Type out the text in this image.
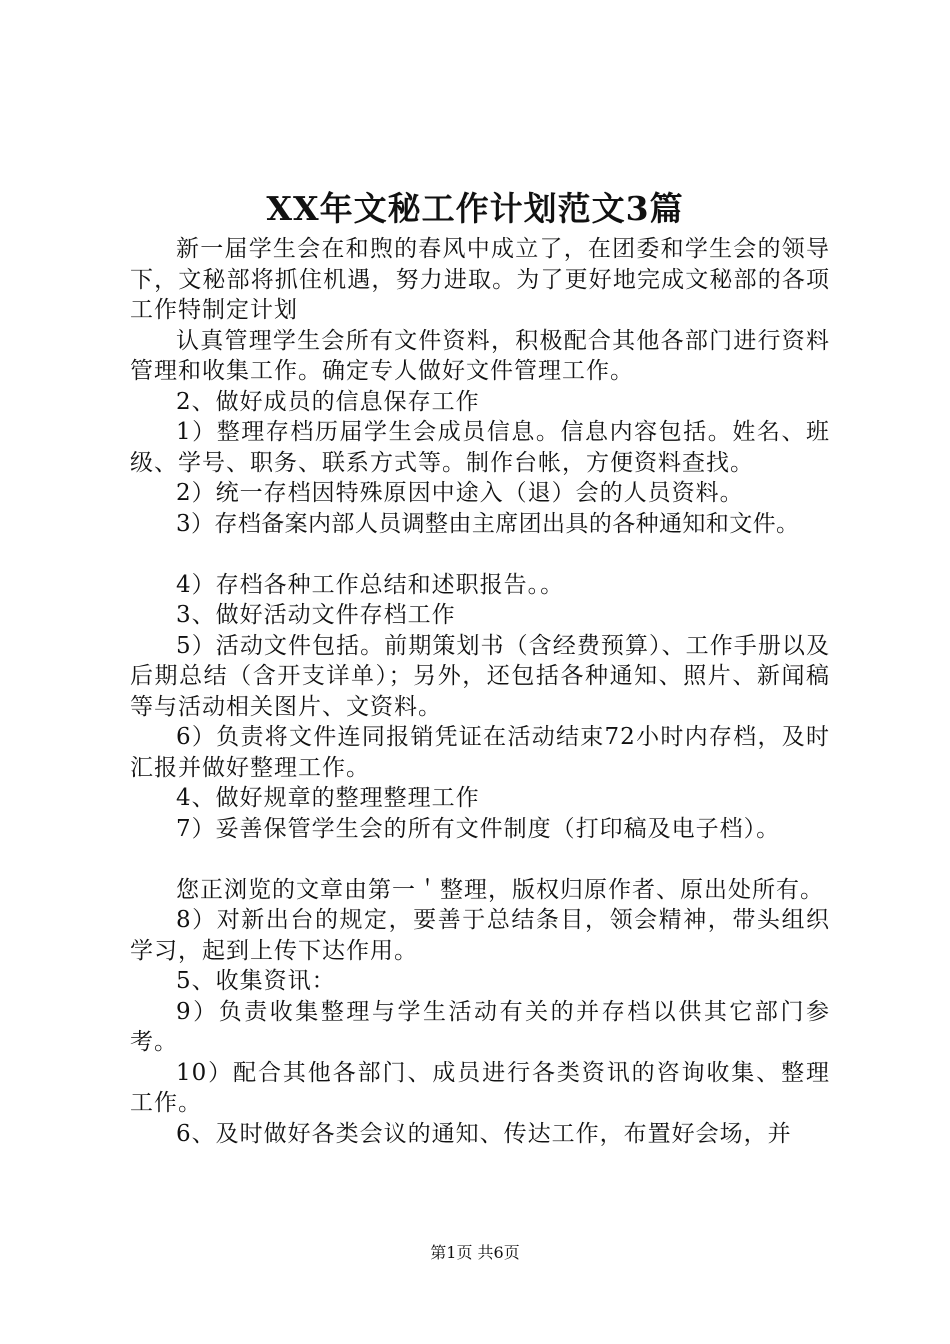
XX年文秘工作计划范文3篇

新一届学生会在和煦的春风中成立了，在团委和学生会的领导下，文秘部将抓住机遇，努力进取。为了更好地完成文秘部的各项工作特制定计划

认真管理学生会所有文件资料，积极配合其他各部门进行资料管理和收集工作。确定专人做好文件管理工作。

2、做好成员的信息保存工作

1）整理存档历届学生会成员信息。信息内容包括。姓名、班级、学号、职务、联系方式等。制作台帐，方便资料查找。

2）统一存档因特殊原因中途入（退）会的人员资料。

3）存档备案内部人员调整由主席团出具的各种通知和文件。

4）存档各种工作总结和述职报告。。

3、做好活动文件存档工作

5）活动文件包括。前期策划书（含经费预算）、工作手册以及后期总结（含开支详单）；另外，还包括各种通知、照片、新闻稿等与活动相关图片、文资料。

6）负责将文件连同报销凭证在活动结束72小时内存档，及时汇报并做好整理工作。

4、做好规章的整理整理工作

7）妥善保管学生会的所有文件制度（打印稿及电子档）。

您正浏览的文章由第一＇整理，版权归原作者、原出处所有。

8）对新出台的规定，要善于总结条目，领会精神，带头组织学习，起到上传下达作用。

5、收集资讯：

9）负责收集整理与学生活动有关的并存档以供其它部门参考。

10）配合其他各部门、成员进行各类资讯的咨询收集、整理工作。

6、及时做好各类会议的通知、传达工作，布置好会场，并

第1页 共6页
